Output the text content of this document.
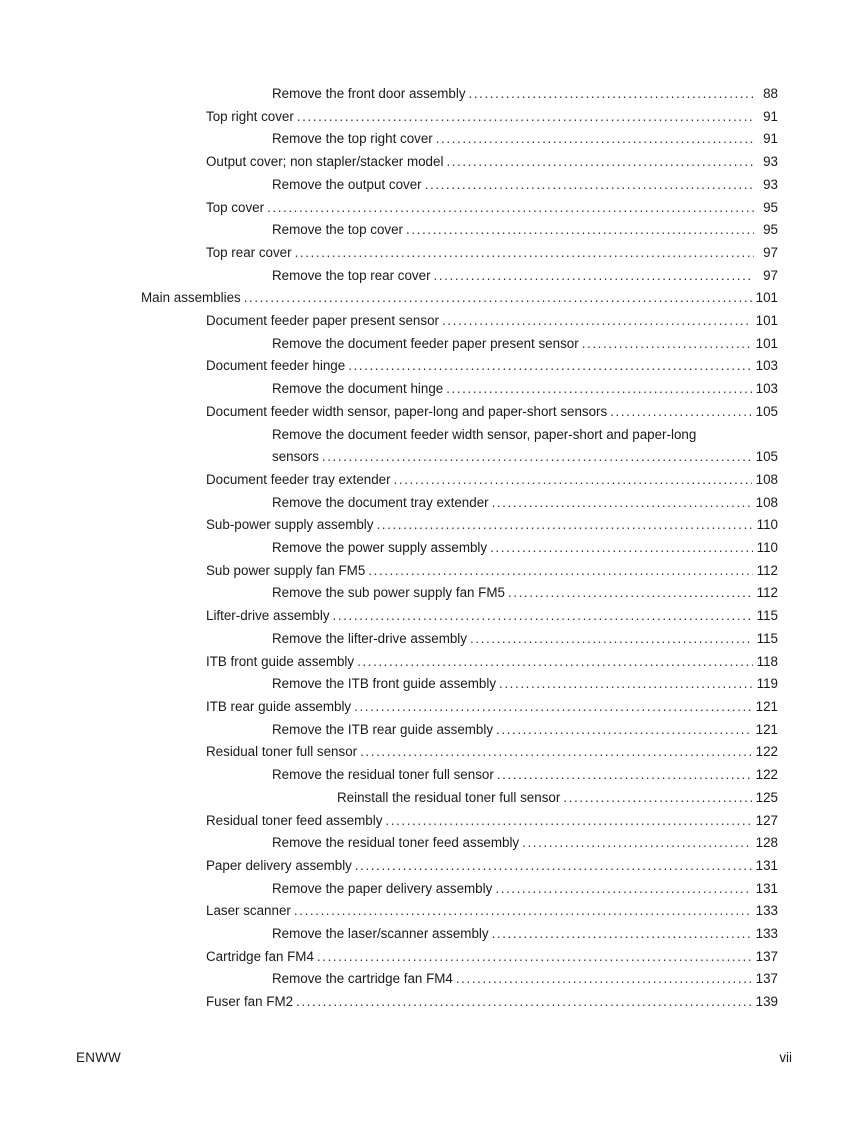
Remove the front door assembly .....	88
Top right cover .....	91
Remove the top right cover .....	91
Output cover; non stapler/stacker model .....	93
Remove the output cover .....	93
Top cover .....	95
Remove the top cover .....	95
Top rear cover .....	97
Remove the top rear cover .....	97
Main assemblies .....	101
Document feeder paper present sensor .....	101
Remove the document feeder paper present sensor .....	101
Document feeder hinge .....	103
Remove the document hinge .....	103
Document feeder width sensor, paper-long and paper-short sensors .....	105
Remove the document feeder width sensor, paper-short and paper-long
sensors .....	105
Document feeder tray extender .....	108
Remove the document tray extender .....	108
Sub-power supply assembly .....	110
Remove the power supply assembly .....	110
Sub power supply fan FM5 .....	112
Remove the sub power supply fan FM5 .....	112
Lifter-drive assembly .....	115
Remove the lifter-drive assembly .....	115
ITB front guide assembly .....	118
Remove the ITB front guide assembly .....	119
ITB rear guide assembly .....	121
Remove the ITB rear guide assembly .....	121
Residual toner full sensor .....	122
Remove the residual toner full sensor .....	122
Reinstall the residual toner full sensor .....	125
Residual toner feed assembly .....	127
Remove the residual toner feed assembly .....	128
Paper delivery assembly .....	131
Remove the paper delivery assembly .....	131
Laser scanner .....	133
Remove the laser/scanner assembly .....	133
Cartridge fan FM4 .....	137
Remove the cartridge fan FM4 .....	137
Fuser fan FM2 .....	139
ENWW	vii
